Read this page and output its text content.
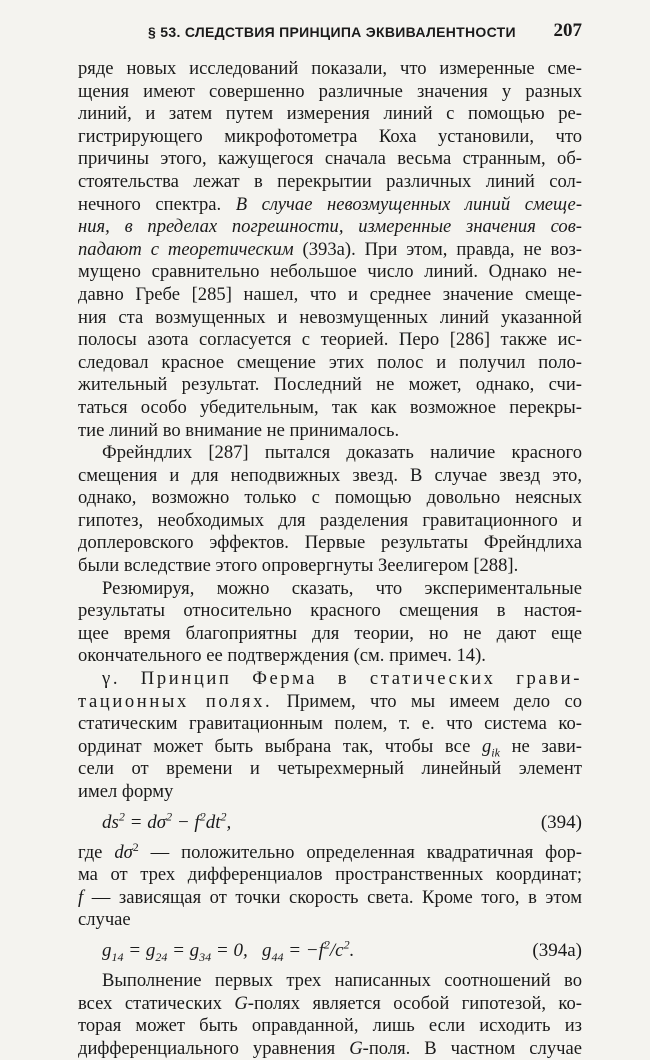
§ 53. СЛЕДСТВИЯ ПРИНЦИПА ЭКВИВАЛЕНТНОСТИ 207
ряде новых исследований показали, что измеренные сме-
щения имеют совершенно различные значения у разных
линий, и затем путем измерения линий с помощью ре-
гистрирующего микрофотометра Коха установили, что
причины этого, кажущегося сначала весьма странным, об-
стоятельства лежат в перекрытии различных линий сол-
нечного спектра. В случае невозмущенных линий смеще-
ния, в пределах погрешности, измеренные значения сов-
падают с теоретическим (393а). При этом, правда, не воз-
мущено сравнительно небольшое число линий. Однако не-
давно Гребе [285] нашел, что и среднее значение смеще-
ния ста возмущенных и невозмущенных линий указанной
полосы азота согласуется с теорией. Перо [286] также ис-
следовал красное смещение этих полос и получил поло-
жительный результат. Последний не может, однако, счи-
таться особо убедительным, так как возможное перекры-
тие линий во внимание не принималось.
Фрейндлих [287] пытался доказать наличие красного
смещения и для неподвижных звезд. В случае звезд это,
однако, возможно только с помощью довольно неясных
гипотез, необходимых для разделения гравитационного и
доплеровского эффектов. Первые результаты Фрейндлиха
были вследствие этого опровергнуты Зеелигером [288].
Резюмируя, можно сказать, что экспериментальные
результаты относительно красного смещения в настоя-
щее время благоприятны для теории, но не дают еще
окончательного ее подтверждения (см. примеч. 14).
γ. Принцип Ферма в статических грави-
тационных полях. Примем, что мы имеем дело со
статическим гравитационным полем, т. е. что система ко-
ординат может быть выбрана так, чтобы все $g_{ik}$ не зави-
сели от времени и четырехмерный линейный элемент
имел форму
$ds^2 = d\sigma^2 - f^2dt^2$,	(394)
где $d\sigma^2$ — положительно определенная квадратичная фор-
ма от трех дифференциалов пространственных координат;
f — зависящая от точки скорость света. Кроме того, в этом
случае
$g_{14} = g_{24} = g_{34} = 0$, $g_{44} = -f^2/c^2$.	(394а)
Выполнение первых трех написанных соотношений во
всех статических G-полях является особой гипотезой, ко-
торая может быть оправданной, лишь если исходить из
дифференциального уравнения G-поля. В частном случае
